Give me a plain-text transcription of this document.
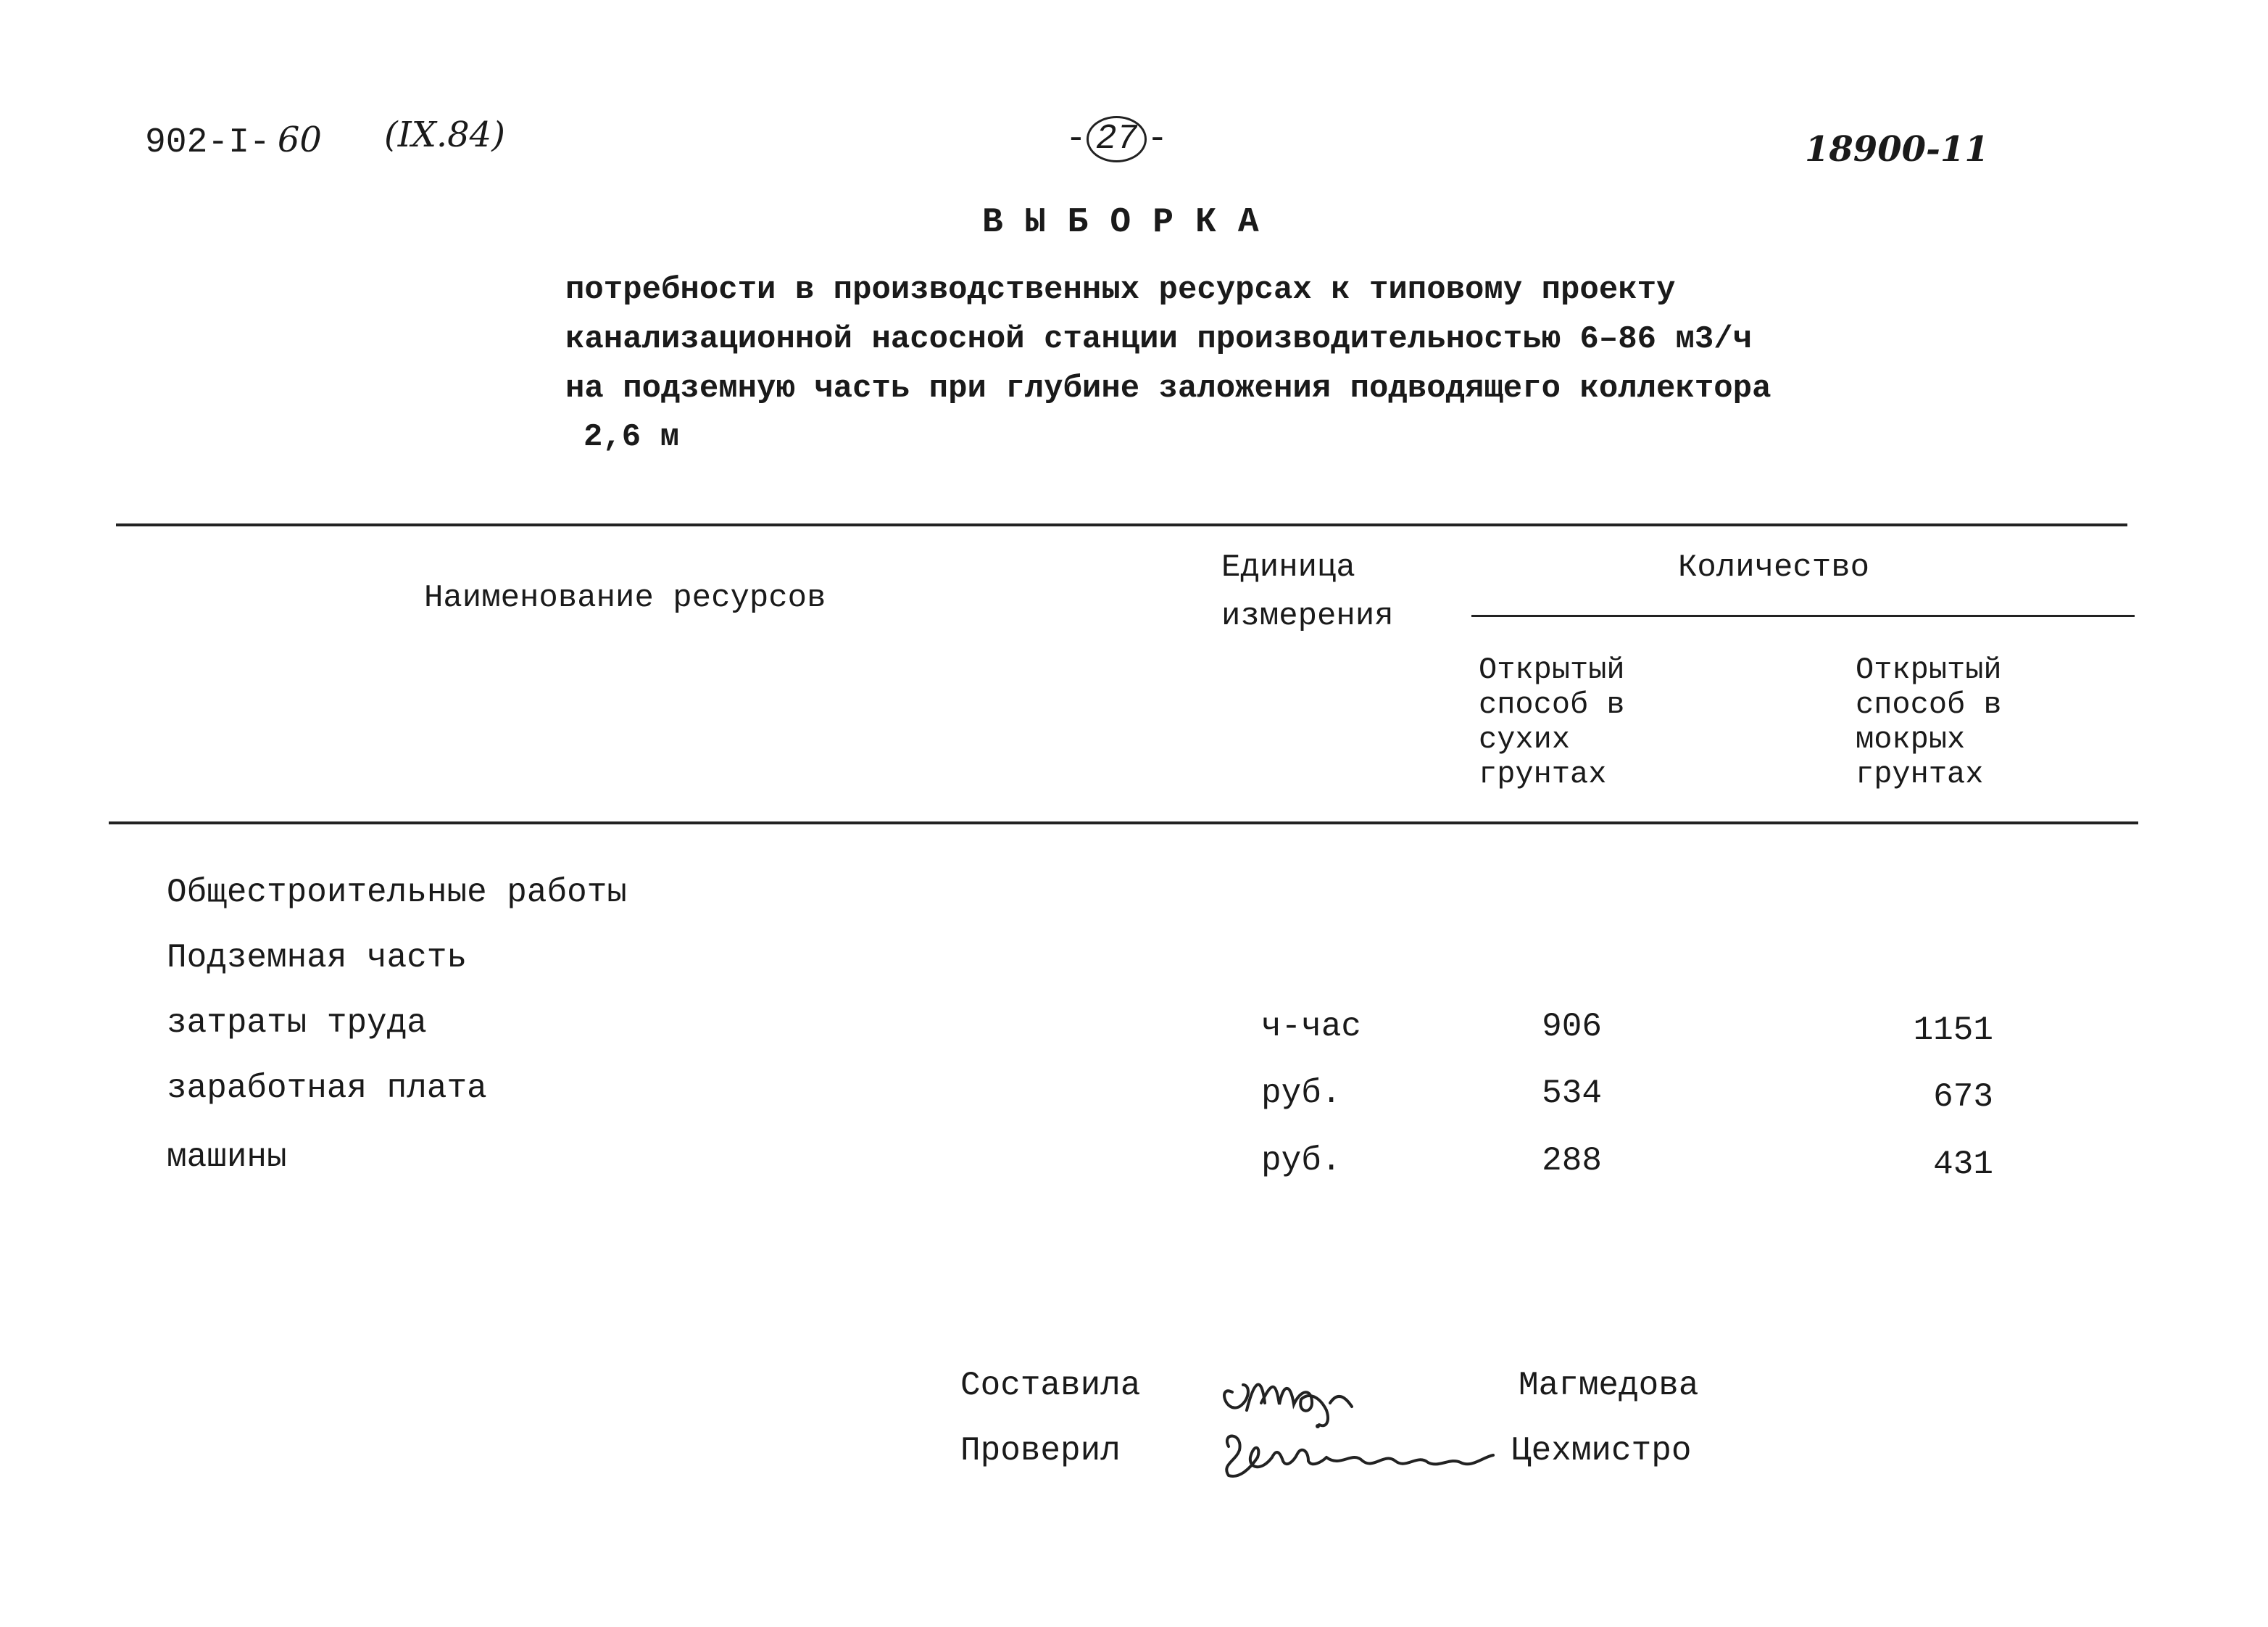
902-I- 60 (IX.84)	- 27 -	18900-11
ВЫБОРКА
потребности в производственных ресурсах к типовому проекту
канализационной насосной станции производительностью 6–86 м3/ч
на подземную часть при глубине заложения подводящего коллектора
2,6 м
Наименование ресурсов
Единица
измерения
Количество
Открытый
способ в
сухих
грунтах
Открытый
способ в
мокрых
грунтах
Общестроительные работы
Подземная часть
затраты труда	ч-час	906	1151
заработная плата	руб.	534	673
машины	руб.	288	431
Составила	Магмедова
Проверил	Цехмистро
